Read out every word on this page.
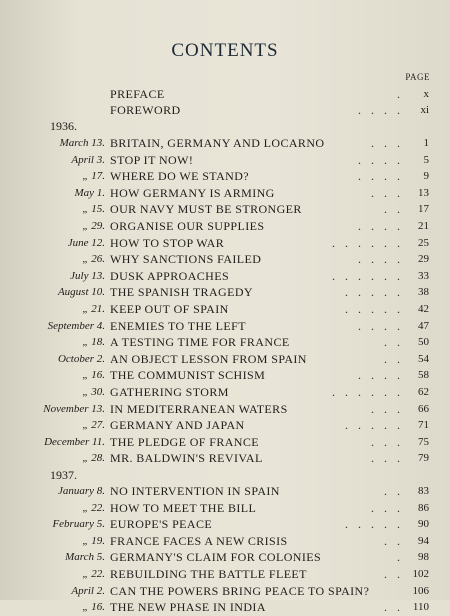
CONTENTS
PAGE
PREFACE	. x
FOREWORD	.... xi
1936.
March 13. BRITAIN, GERMANY AND LOCARNO	... 1
April 3. STOP IT NOW!	.... 5
„ 17. WHERE DO WE STAND?	.... 9
May 1. HOW GERMANY IS ARMING	... 13
„ 15. OUR NAVY MUST BE STRONGER	.. 17
„ 29. ORGANISE OUR SUPPLIES	.... 21
June 12. HOW TO STOP WAR	...... 25
„ 26. WHY SANCTIONS FAILED	.... 29
July 13. DUSK APPROACHES	...... 33
August 10. THE SPANISH TRAGEDY	..... 38
„ 21. KEEP OUT OF SPAIN	..... 42
September 4. ENEMIES TO THE LEFT	.... 47
„ 18. A TESTING TIME FOR FRANCE	.. 50
October 2. AN OBJECT LESSON FROM SPAIN	.. 54
„ 16. THE COMMUNIST SCHISM	.... 58
„ 30. GATHERING STORM	...... 62
November 13. IN MEDITERRANEAN WATERS	... 66
„ 27. GERMANY AND JAPAN	..... 71
December 11. THE PLEDGE OF FRANCE	... 75
„ 28. MR. BALDWIN'S REVIVAL	... 79
1937.
January 8. NO INTERVENTION IN SPAIN	.. 83
„ 22. HOW TO MEET THE BILL	... 86
February 5. EUROPE'S PEACE	..... 90
„ 19. FRANCE FACES A NEW CRISIS	.. 94
March 5. GERMANY'S CLAIM FOR COLONIES	. 98
„ 22. REBUILDING THE BATTLE FLEET	.. 102
April 2. CAN THE POWERS BRING PEACE TO SPAIN?	106
„ 16. THE NEW PHASE IN INDIA	.. 110
